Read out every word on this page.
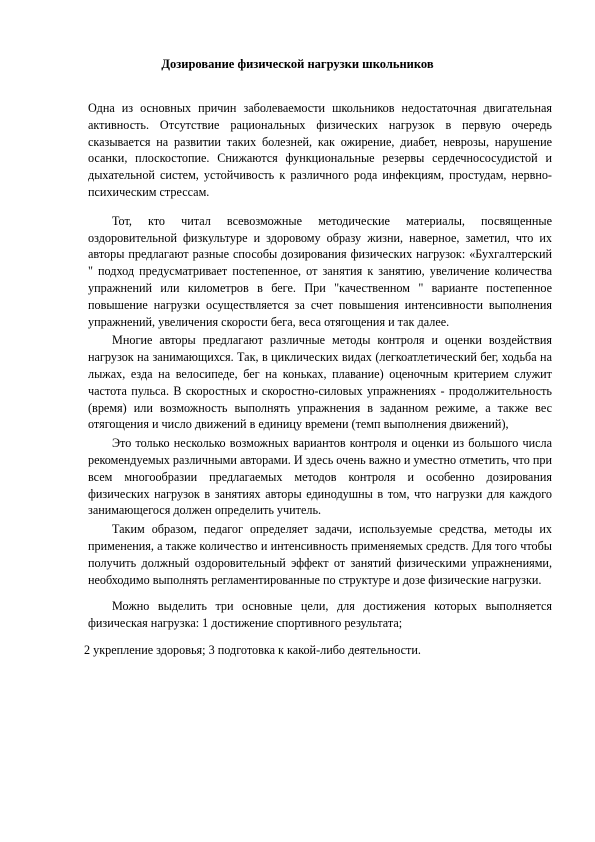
Дозирование физической нагрузки школьников

Одна из основных причин заболеваемости школьников недостаточная двигательная активность. Отсутствие рациональных физических нагрузок в первую очередь сказывается на развитии таких болезней, как ожирение, диабет, неврозы, нарушение осанки, плоскостопие. Снижаются функциональные резервы сердечнососудистой и дыхательной систем, устойчивость к различного рода инфекциям, простудам, нервно-психическим стрессам.

Тот, кто читал всевозможные методические материалы, посвященные оздоровительной физкультуре и здоровому образу жизни, наверное, заметил, что их авторы предлагают разные способы дозирования физических нагрузок: «Бухгалтерский " подход предусматривает постепенное, от занятия к занятию, увеличение количества упражнений или километров в беге. При "качественном " варианте постепенное повышение нагрузки осуществляется за счет повышения интенсивности выполнения упражнений, увеличения скорости бега, веса отягощения и так далее.

Многие авторы предлагают различные методы контроля и оценки воздействия нагрузок на занимающихся. Так, в циклических видах (легкоатлетический бег, ходьба на лыжах, езда на велосипеде, бег на коньках, плавание) оценочным критерием служит частота пульса. В скоростных и скоростно-силовых упражнениях - продолжительность (время) или возможность выполнять упражнения в заданном режиме, а также вес отягощения и число движений в единицу времени (темп выполнения движений),

Это только несколько возможных вариантов контроля и оценки из большого числа рекомендуемых различными авторами. И здесь очень важно и уместно отметить, что при всем многообразии предлагаемых методов контроля и особенно дозирования физических нагрузок в занятиях авторы единодушны в том, что нагрузки для каждого занимающегося должен определить учитель.

Таким образом, педагог определяет задачи, используемые средства, методы их применения, а также количество и интенсивность применяемых средств. Для того чтобы получить должный оздоровительный эффект от занятий физическими упражнениями, необходимо выполнять регламентированные по структуре и дозе физические нагрузки.

Можно выделить три основные цели, для достижения которых выполняется физическая нагрузка: 1 достижение спортивного результата;

2 укрепление здоровья; 3 подготовка к какой-либо деятельности.
